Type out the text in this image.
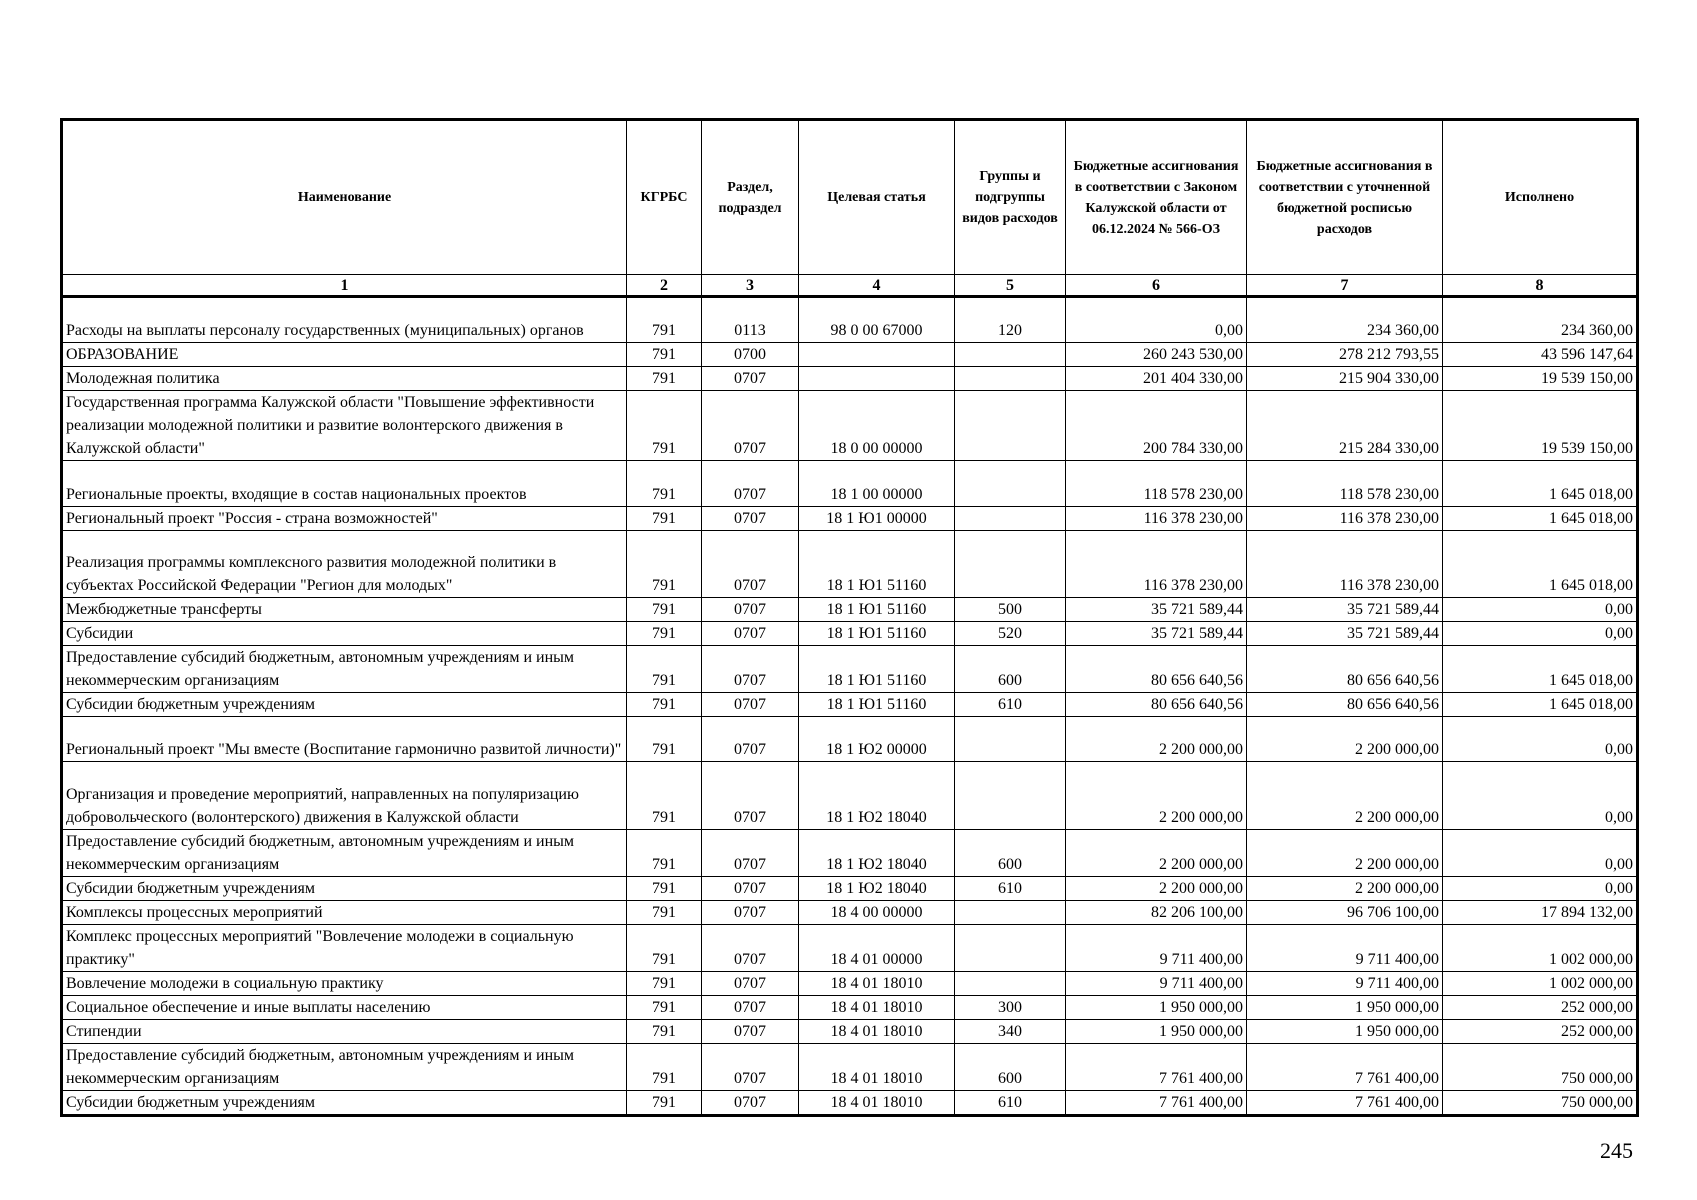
Наименование	КГРБС	Раздел, подраздел	Целевая статья	Группы и подгруппы видов расходов	Бюджетные ассигнования в соответствии с Законом Калужской области от 06.12.2024 № 566-ОЗ	Бюджетные ассигнования в соответствии с уточненной бюджетной росписью расходов	Исполнено
1	2	3	4	5	6	7	8
Расходы на выплаты персоналу государственных (муниципальных) органов	791	0113	98 0 00 67000	120	0,00	234 360,00	234 360,00
ОБРАЗОВАНИЕ	791	0700			260 243 530,00	278 212 793,55	43 596 147,64
Молодежная политика	791	0707			201 404 330,00	215 904 330,00	19 539 150,00
Государственная программа Калужской области "Повышение эффективности реализации молодежной политики и развитие волонтерского движения в Калужской области"	791	0707	18 0 00 00000		200 784 330,00	215 284 330,00	19 539 150,00
Региональные проекты, входящие в состав национальных проектов	791	0707	18 1 00 00000		118 578 230,00	118 578 230,00	1 645 018,00
Региональный проект "Россия - страна возможностей"	791	0707	18 1 Ю1 00000		116 378 230,00	116 378 230,00	1 645 018,00
Реализация программы комплексного развития молодежной политики в субъектах Российской Федерации "Регион для молодых"	791	0707	18 1 Ю1 51160		116 378 230,00	116 378 230,00	1 645 018,00
Межбюджетные трансферты	791	0707	18 1 Ю1 51160	500	35 721 589,44	35 721 589,44	0,00
Субсидии	791	0707	18 1 Ю1 51160	520	35 721 589,44	35 721 589,44	0,00
Предоставление субсидий бюджетным, автономным учреждениям и иным некоммерческим организациям	791	0707	18 1 Ю1 51160	600	80 656 640,56	80 656 640,56	1 645 018,00
Субсидии бюджетным учреждениям	791	0707	18 1 Ю1 51160	610	80 656 640,56	80 656 640,56	1 645 018,00
Региональный проект "Мы вместе (Воспитание гармонично развитой личности)"	791	0707	18 1 Ю2 00000		2 200 000,00	2 200 000,00	0,00
Организация и проведение мероприятий, направленных на популяризацию добровольческого (волонтерского) движения в Калужской области	791	0707	18 1 Ю2 18040		2 200 000,00	2 200 000,00	0,00
Предоставление субсидий бюджетным, автономным учреждениям и иным некоммерческим организациям	791	0707	18 1 Ю2 18040	600	2 200 000,00	2 200 000,00	0,00
Субсидии бюджетным учреждениям	791	0707	18 1 Ю2 18040	610	2 200 000,00	2 200 000,00	0,00
Комплексы процессных мероприятий	791	0707	18 4 00 00000		82 206 100,00	96 706 100,00	17 894 132,00
Комплекс процессных мероприятий "Вовлечение молодежи в социальную практику"	791	0707	18 4 01 00000		9 711 400,00	9 711 400,00	1 002 000,00
Вовлечение молодежи в социальную практику	791	0707	18 4 01 18010		9 711 400,00	9 711 400,00	1 002 000,00
Социальное обеспечение и иные выплаты населению	791	0707	18 4 01 18010	300	1 950 000,00	1 950 000,00	252 000,00
Стипендии	791	0707	18 4 01 18010	340	1 950 000,00	1 950 000,00	252 000,00
Предоставление субсидий бюджетным, автономным учреждениям и иным некоммерческим организациям	791	0707	18 4 01 18010	600	7 761 400,00	7 761 400,00	750 000,00
Субсидии бюджетным учреждениям	791	0707	18 4 01 18010	610	7 761 400,00	7 761 400,00	750 000,00
245
